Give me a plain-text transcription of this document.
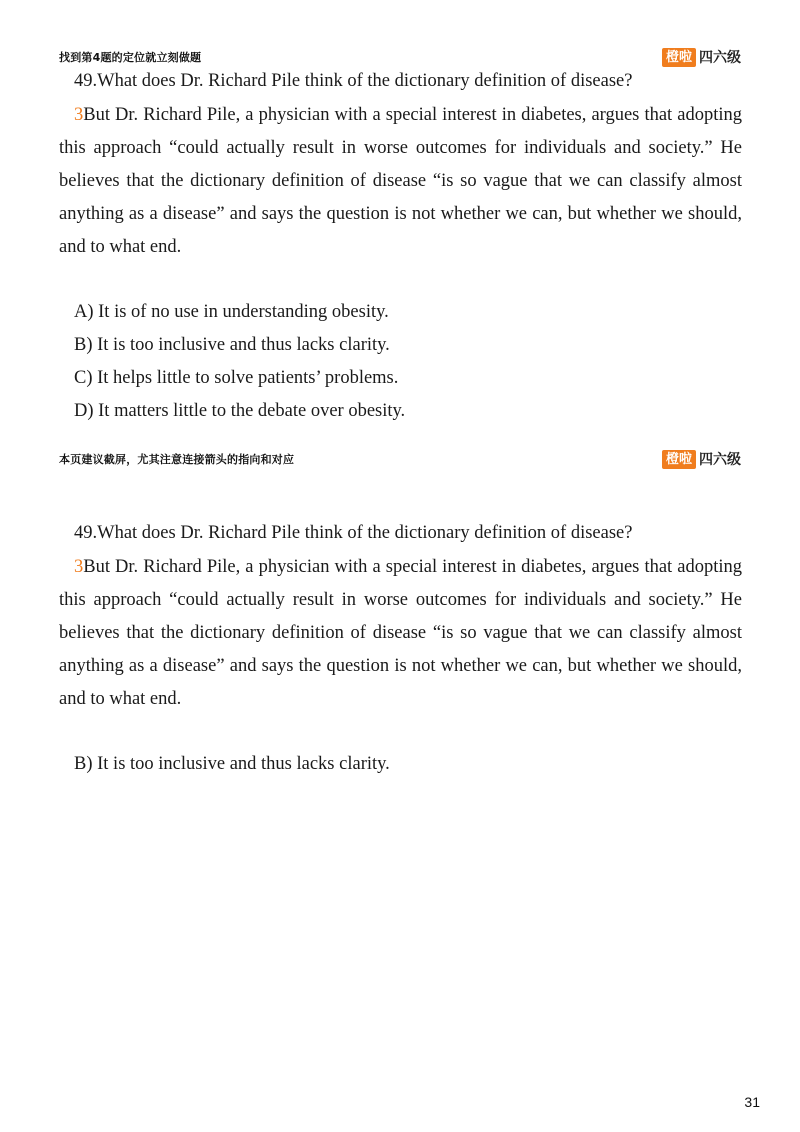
找到第4题的定位就立刻做题	橙啦 四六级

49.What does Dr. Richard Pile think of the dictionary definition of disease?

3But Dr. Richard Pile, a physician with a special interest in diabetes, argues that adopting this approach “could actually result in worse outcomes for individuals and society.” He believes that the dictionary definition of disease “is so vague that we can classify almost anything as a disease” and says the question is not whether we can, but whether we should, and to what end.

A) It is of no use in understanding obesity.
B) It is too inclusive and thus lacks clarity.
C) It helps little to solve patients’ problems.
D) It matters little to the debate over obesity.
本页建议截屏，尤其注意连接箭头的指向和对应	橙啦 四六级

49.What does Dr. Richard Pile think of the dictionary definition of disease?

3But Dr. Richard Pile, a physician with a special interest in diabetes, argues that adopting this approach “could actually result in worse outcomes for individuals and society.” He believes that the dictionary definition of disease “is so vague that we can classify almost anything as a disease” and says the question is not whether we can, but whether we should, and to what end.

B) It is too inclusive and thus lacks clarity.
31
